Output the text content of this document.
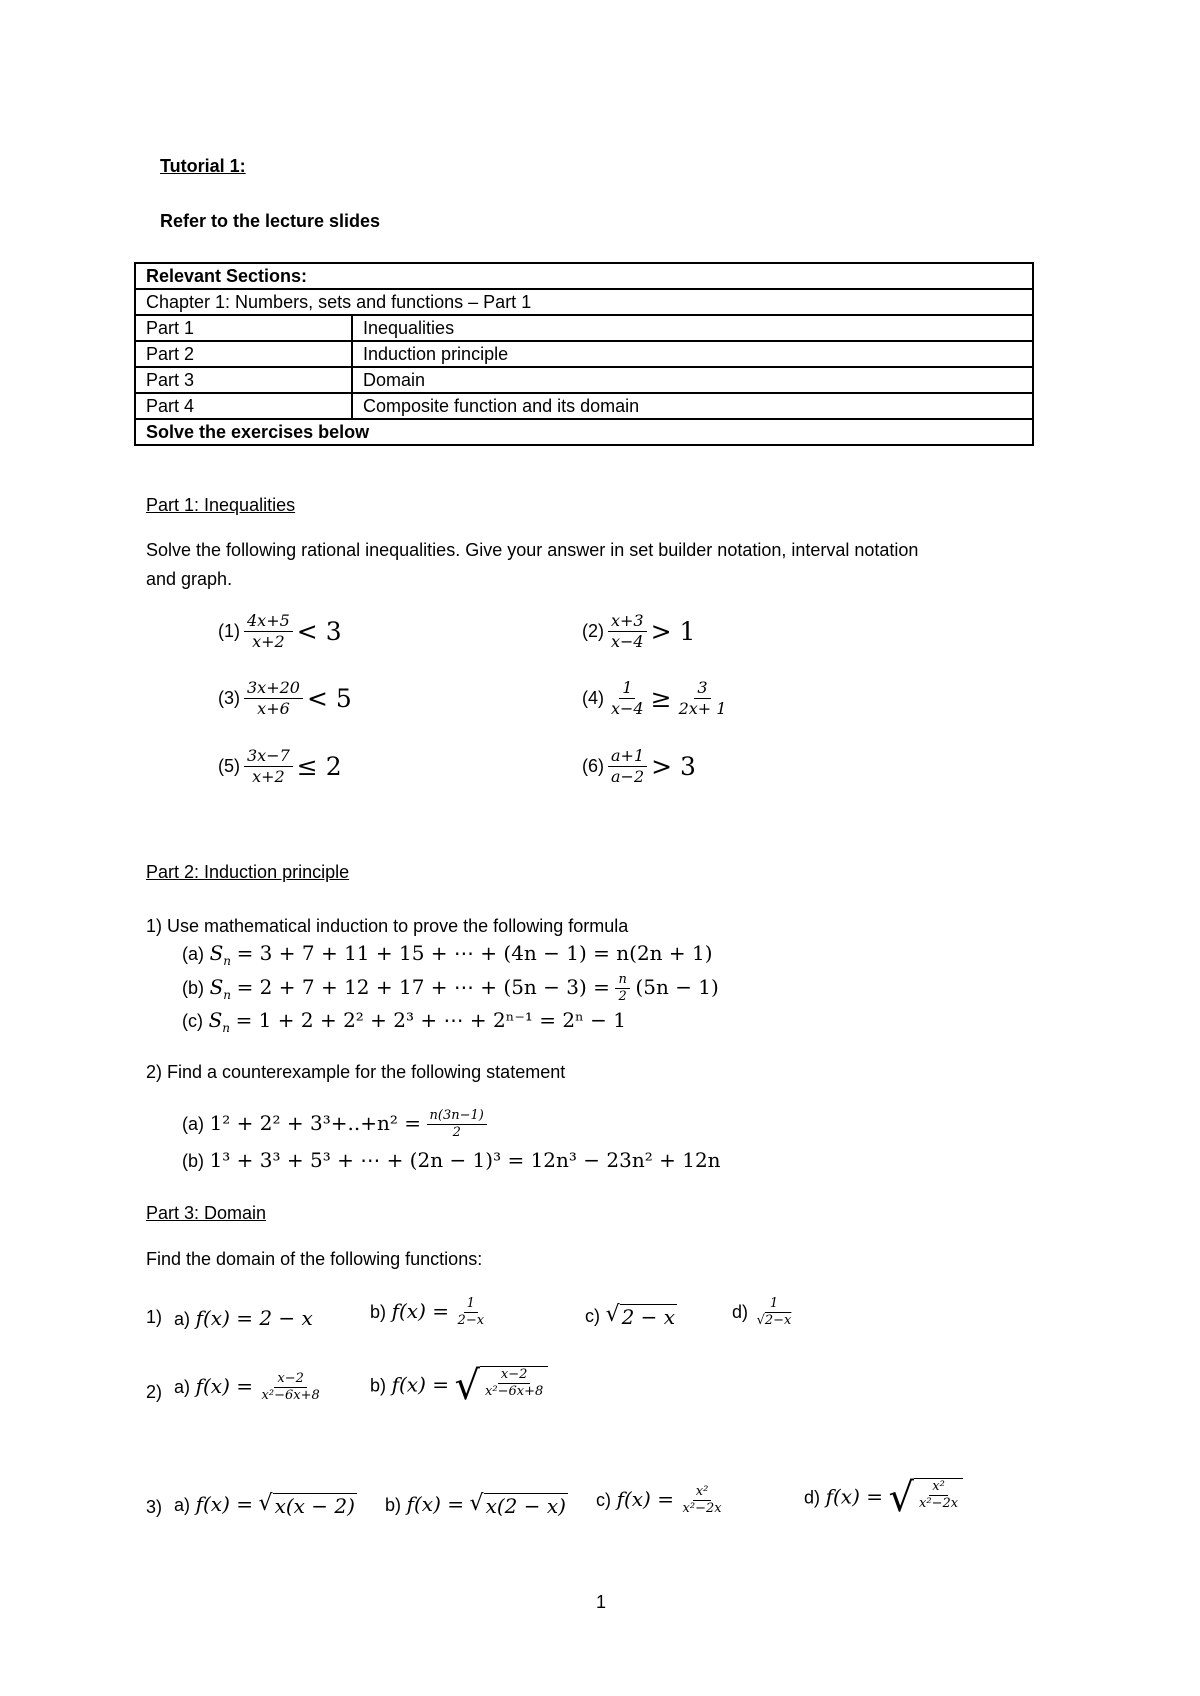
Tutorial 1:
Refer to the lecture slides
Relevant Sections:	
Chapter 1: Numbers, sets and functions – Part 1	
Part 1	Inequalities
Part 2	Induction principle
Part 3	Domain
Part 4	Composite function and its domain
Solve the exercises below	
Part 1: Inequalities
Solve the following rational inequalities. Give your answer in set builder notation, interval notation
and graph.
$(1) \frac{4x+5}{x+2} < 3$	$(2) \frac{x+3}{x-4} > 1$
$(3) \frac{3x+20}{x+6} < 5$	$(4) \frac{1}{x-4} \ge \frac{3}{2x+ 1}$
$(5) \frac{3x-7}{x+2} \le 2$	$(6) \frac{a+1}{a-2} > 3$
Part 2: Induction principle
1) Use mathematical induction to prove the following formula
(a) $S_n = 3 + 7 + 11 + 15$ + ⋯ + (4n − 1) = n(2n + 1)
(b) $S_n = 2 + 7 + 12 + 17$ + ⋯ + $(5n - 3) = \frac{n}{2} (5n - 1)$
(c) $S_n = 1 + 2 + 2^2 + 2^3$ + ⋯ + 2ⁿ⁻¹ = 2ⁿ − 1
2) Find a counterexample for the following statement
(a) $1^2 + 2^2 + 3^3+..+n^2 = \frac{n(3n-1)}{2}$
(b) 1³ + 3³ + 5³ + ⋯ + (2n − 1)³ = 12n³ − 23n² + 12n
Part 3: Domain
Find the domain of the following functions:
1) a) f(x) = 2 − x	b) $f(x) = \frac{1}{2-x}$	c) √ 2 − x	$d) \frac{1}{√2-x}$
2) a) $f(x) = \frac{x-2}{\text{x²−6x+8}}$	b) f(x) = √ $\frac{x-2}{\text{x²−6x+8}}$
3) a) f(x) = √ x(x − 2) b) f(x) = √ x(2 − x) c) $f(x) = \frac{\text{x²}}{\text{x²−2x}}$	d) f(x) = √ $\frac{\text{x²}}{\text{x²−2x}}$
1
